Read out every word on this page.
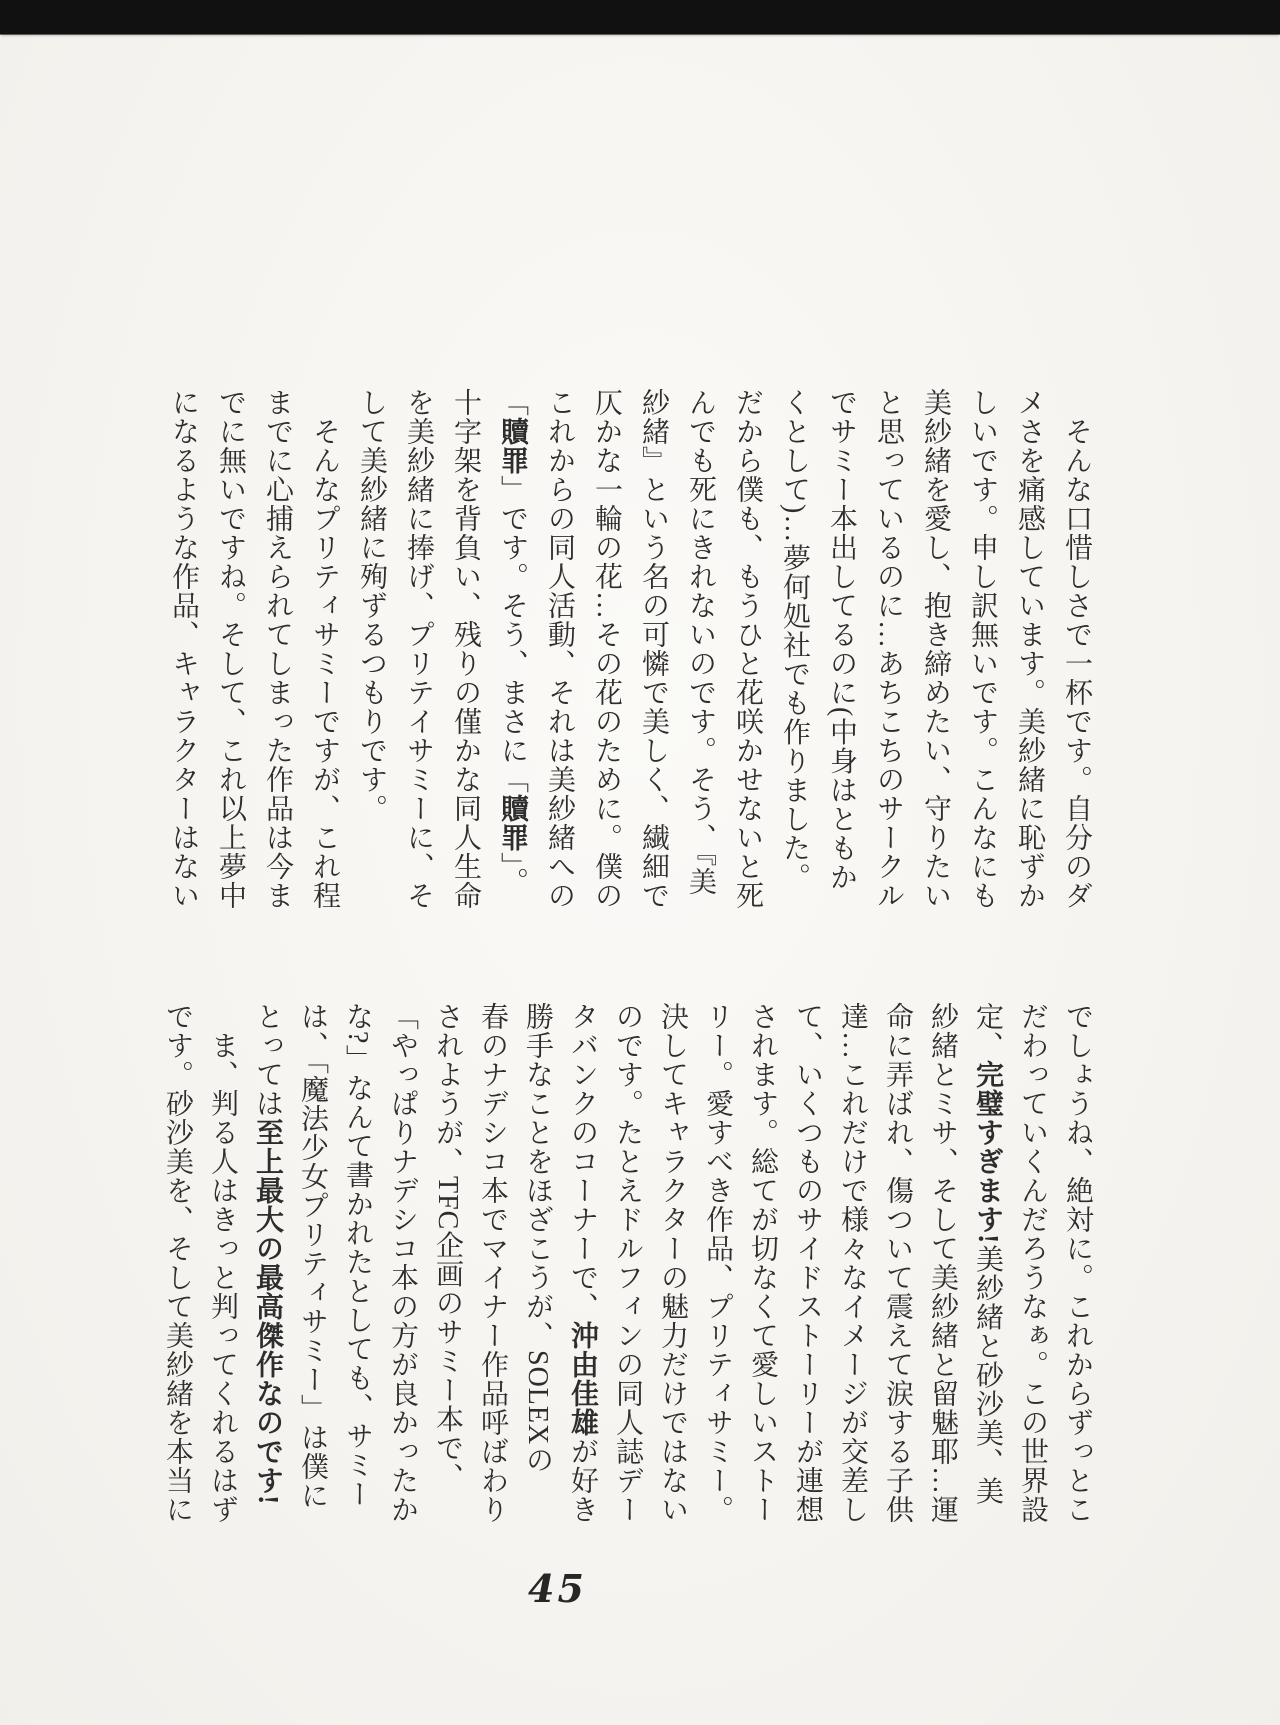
　そんな口惜しさで一杯です。自分のダ

メさを痛感しています。美紗緒に恥ずか

しいです。申し訳無いです。こんなにも

美紗緒を愛し、抱き締めたい、守りたい

と思っているのに…あちこちのサークル

でサミー本出してるのに(中身はともか

くとして)…夢何処社でも作りました。

だから僕も、もうひと花咲かせないと死

んでも死にきれないのです。そう、『美

紗緒』という名の可憐で美しく、繊細で

仄かな一輪の花…その花のために。僕の

これからの同人活動、それは美紗緒への

「贖罪」です。そう、まさに「贖罪」。

十字架を背負い、残りの僅かな同人生命

を美紗緒に捧げ、プリテイサミーに、そ

して美紗緒に殉ずるつもりです。

　そんなプリティサミーですが、これ程

までに心捕えられてしまった作品は今ま

でに無いですね。そして、これ以上夢中

になるような作品、キャラクターはない

でしょうね、絶対に。これからずっとこ

だわっていくんだろうなぁ。この世界設

定、完璧すぎます!美紗緒と砂沙美、美

紗緒とミサ、そして美紗緒と留魅耶…運

命に弄ばれ、傷ついて震えて涙する子供

達…これだけで様々なイメージが交差し

て、いくつものサイドストーリーが連想

されます。総てが切なくて愛しいストー

リー。愛すべき作品、プリティサミー。

決してキャラクターの魅力だけではない

のです。たとえドルフィンの同人誌デー

タバンクのコーナーで、沖由佳雄が好き

勝手なことをほざこうが、SOLEXの

春のナデシコ本でマイナー作品呼ばわり

されようが、TFC企画のサミー本で、

「やっぱりナデシコ本の方が良かったか

な?」なんて書かれたとしても、サミー

は、「魔法少女プリティサミー」は僕に

とっては至上最大の最高傑作なのです!

　ま、判る人はきっと判ってくれるはず

です。砂沙美を、そして美紗緒を本当に

45
